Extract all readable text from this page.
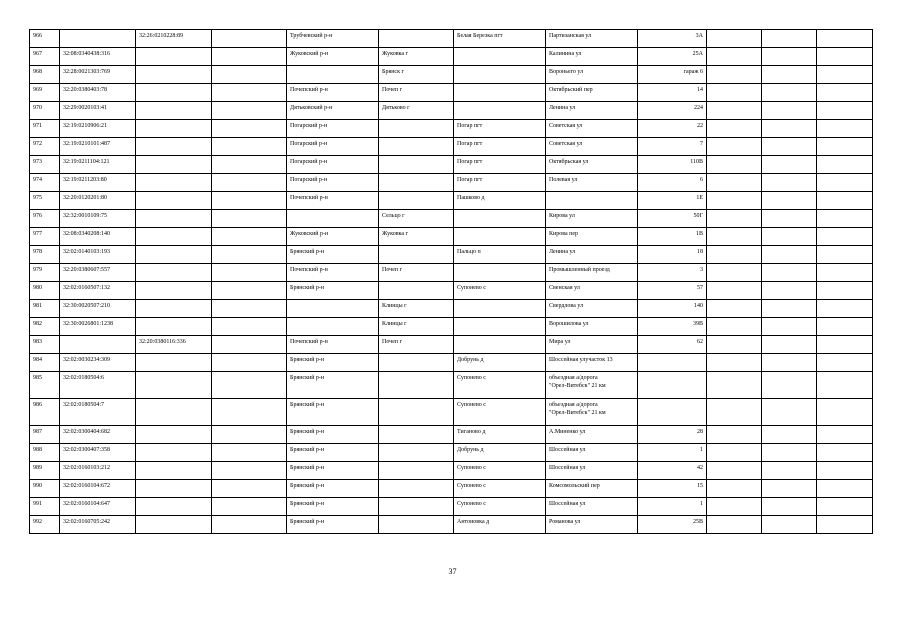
966		32:26:0210228:89		Трубчевский р-н		Белая Березка пгт	Партизанская ул	3А			
967	32:08:0340438:316			Жуковский р-н	Жуковка г		Калинина ул	25А			
968	32:28:0021303:769				Брянск г		Вороньего ул	гараж 6			
969	32:20:0380403:78			Почепский р-н	Почеп г		Октябрьский пер	14			
970	32:29:0020103:41			Дятьковский р-н	Дятьково г		Ленина ул	224			
971	32:19:0210906:21			Погарский р-н		Погар пгт	Советская ул	22			
972	32:19:0210101:487			Погарский р-н		Погар пгт	Советская ул	7			
973	32:19:0211104:121			Погарский р-н		Погар пгт	Октябрьская ул	110В			
974	32:19:0211203:80			Погарский р-н		Погар пгт	Полевая ул	6			
975	32:20:0120201:80			Почепский р-н		Пашково д		1Е			
976	32:32:0010109:75				Сельцо г		Кирова ул	50Г			
977	32:08:0340208:140			Жуковский р-н	Жуковка г		Кирова пер	1В			
978	32:02:0140103:193			Брянский р-н		Пальцо п	Ленина ул	18			
979	32:20:0380607:557			Почепский р-н	Почеп г		Промышленный проезд	3			
980	32:02:0160507:132			Брянский р-н		Супонево с	Свенская ул	57			
981	32:30:0020507:210				Клинцы г		Свердлова ул	140			
982	32:30:0026801:1238				Клинцы г		Ворошилова ул	39В			
983		32:20:0380116:336		Почепский р-н	Почеп г		Мира ул	62			
984	32:02:0030234:309			Брянский р-н		Добрунь д	Шоссейная улучасток 13				
985	32:02:0180504:6			Брянский р-н		Супонево с	объездная а/дорога
"Орел-Витебск" 21 км				
986	32:02:0180504:7			Брянский р-н		Супонево с	объездная а/дорога
"Орел-Витебск" 21 км				
987	32:02:0300404:682			Брянский р-н		Тиганово д	А.Миненко ул	28			
988	32:02:0300407:358			Брянский р-н		Добрунь д	Шоссейная ул	1			
989	32:02:0160103:212			Брянский р-н		Супонево с	Шоссейная ул	42			
990	32:02:0160104:672			Брянский р-н		Супонево с	Комсомольский пер	15			
991	32:02:0160104:647			Брянский р-н		Супонево с	Шоссейная ул	1			
992	32:02:0160705:242			Брянский р-н		Антоновка д	Романова ул	25В			
37
